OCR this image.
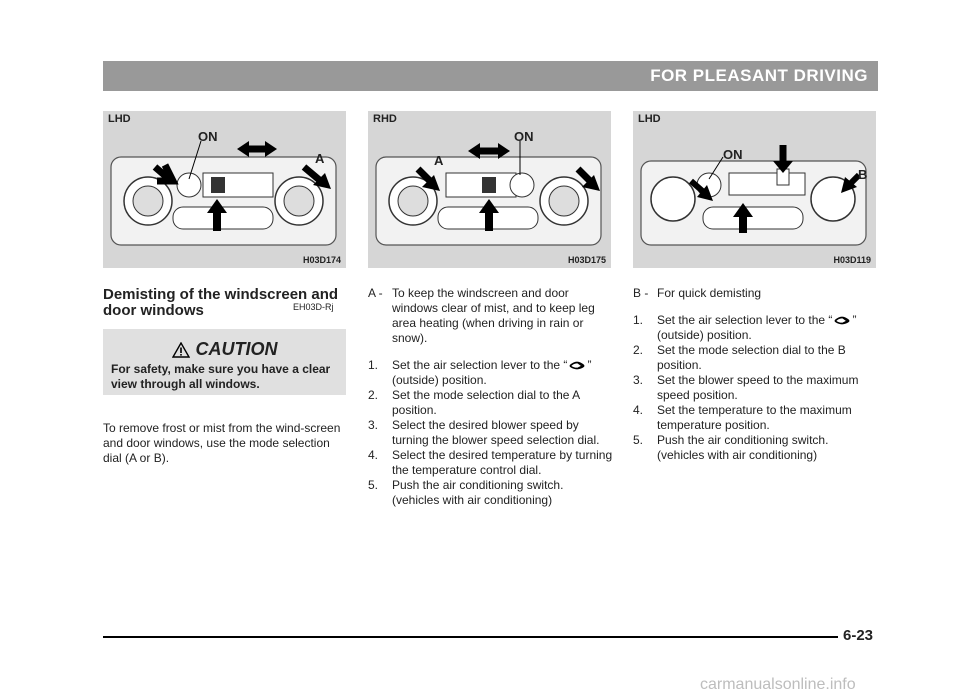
FOR PLEASANT DRIVING
LHD
ON
A
H03D174
RHD
ON
A
H03D175
LHD
ON
B
H03D119
Demisting of the windscreen and door windows	EH03D-Rj
CAUTION
For safety, make sure you have a clear view through all windows.
To remove frost or mist from the wind-screen and door windows, use the mode selection dial (A or B).
A - To keep the windscreen and door windows clear of mist, and to keep leg area heating (when driving in rain or snow).
1.	Set the air selection lever to the “ ” (outside) position.
2.	Set the mode selection dial to the A position.
3.	Select the desired blower speed by turning the blower speed selection dial.
4.	Select the desired temperature by turning the temperature control dial.
5.	Push the air conditioning switch. (vehicles with air conditioning)
B - For quick demisting
1.	Set the air selection lever to the “ ” (outside) position.
2.	Set the mode selection dial to the B position.
3.	Set the blower speed to the maximum speed position.
4.	Set the temperature to the maximum temperature position.
5.	Push the air conditioning switch. (vehicles with air conditioning)
6-23
carmanualsonline.info
